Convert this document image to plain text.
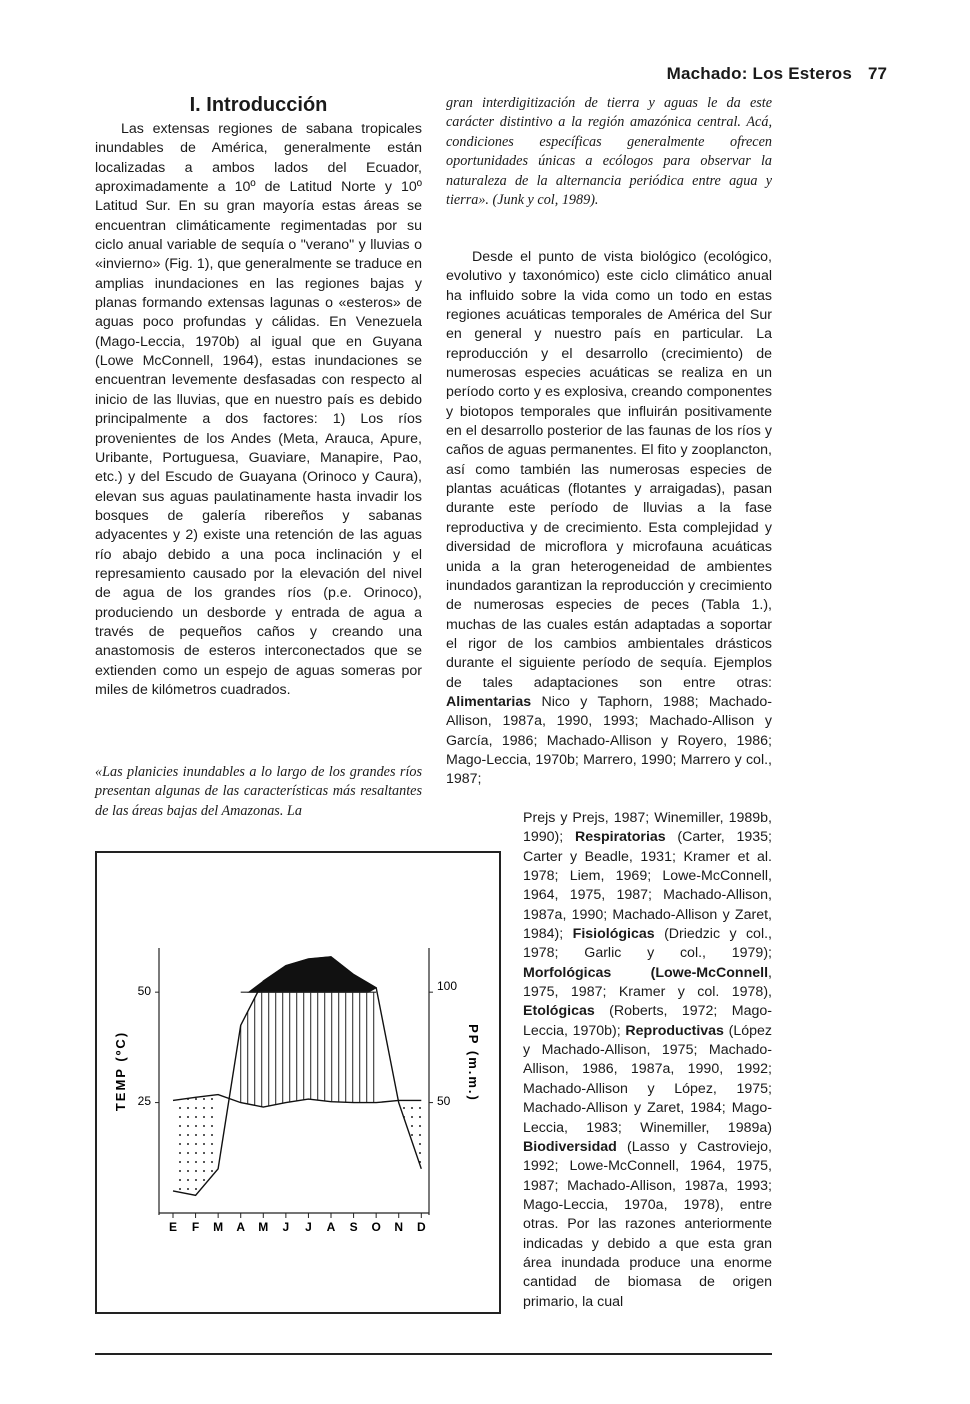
Machado: Los Esteros 77
I. Introducción

Las extensas regiones de sabana tropicales inundables de América, generalmente están localizadas a ambos lados del Ecuador, aproximadamente a 10º de Latitud Norte y 10º Latitud Sur. En su gran mayoría estas áreas se encuentran climáticamente regimentadas por su ciclo anual variable de sequía o "verano" y lluvias o «invierno» (Fig. 1), que generalmente se traduce en amplias inundaciones en las regiones bajas y planas formando extensas lagunas o «esteros» de aguas poco profundas y cálidas. En Venezuela (Mago-Leccia, 1970b) al igual que en Guyana (Lowe McConnell, 1964), estas inundaciones se encuentran levemente desfasadas con respecto al inicio de las lluvias, que en nuestro país es debido principalmente a dos factores: 1) Los ríos provenientes de los Andes (Meta, Arauca, Apure, Uribante, Portuguesa, Guaviare, Manapire, Pao, etc.) y del Escudo de Guayana (Orinoco y Caura), elevan sus aguas paulatinamente hasta invadir los bosques de galería ribereños y sabanas adyacentes y 2) existe una retención de las aguas río abajo debido a una poca inclinación y el represamiento causado por la elevación del nivel de agua de los grandes ríos (p.e. Orinoco), produciendo un desborde y entrada de agua a través de pequeños caños y creando una anastomosis de esteros interconectados que se extienden como un espejo de aguas someras por miles de kilómetros cuadrados.

«Las planicies inundables a lo largo de los grandes ríos presentan algunas de las características más resaltantes de las áreas bajas del Amazonas. La
gran interdigitización de tierra y aguas le da este carácter distintivo a la región amazónica central. Acá, condiciones específicas generalmente ofrecen oportunidades únicas a ecólogos para observar la naturaleza de la alternancia periódica entre agua y tierra». (Junk y col, 1989).

Desde el punto de vista biológico (ecológico, evolutivo y taxonómico) este ciclo climático anual ha influido sobre la vida como un todo en estas regiones acuáticas temporales de América del Sur en general y nuestro país en particular. La reproducción y el desarrollo (crecimiento) de numerosas especies acuáticas se realiza en un período corto y es explosiva, creando componentes y biotopos temporales que influirán positivamente en el desarrollo posterior de las faunas de los ríos y caños de aguas permanentes. El fito y zooplancton, así como también las numerosas especies de plantas acuáticas (flotantes y arraigadas), pasan durante este período de lluvias a la fase reproductiva y de crecimiento. Esta complejidad y diversidad de microflora y microfauna acuáticas unida a la gran heterogeneidad de ambientes inundados garantizan la reproducción y crecimiento de numerosas especies de peces (Tabla 1.), muchas de las cuales están adaptadas a soportar el rigor de los cambios ambientales drásticos durante el siguiente período de sequía. Ejemplos de tales adaptaciones son entre otras: Alimentarias Nico y Taphorn, 1988; Machado-Allison, 1987a, 1990, 1993; Machado-Allison y García, 1986; Machado-Allison y Royero, 1986; Mago-Leccia, 1970b; Marrero, 1990; Marrero y col., 1987;

Prejs y Prejs, 1987; Winemiller, 1989b, 1990); Respiratorias (Carter, 1935; Carter y Beadle, 1931; Kramer et al. 1978; Liem, 1969; Lowe-McConnell, 1964, 1975, 1987; Machado-Allison, 1987a, 1990; Machado-Allison y Zaret, 1984); Fisiológicas (Driedzic y col., 1978; Garlic y col., 1979); Morfológicas (Lowe-McConnell, 1975, 1987; Kramer y col. 1978), Etológicas (Roberts, 1972; Mago-Leccia, 1970b); Reproductivas (López y Machado-Allison, 1975; Machado-Allison, 1986, 1987a, 1990, 1992; Machado-Allison y López, 1975; Machado-Allison y Zaret, 1984; Mago-Leccia, 1983; Winemiller, 1989a) Biodiversidad (Lasso y Castroviejo, 1992; Lowe-McConnell, 1964, 1975, 1987; Machado-Allison, 1987a, 1993; Mago-Leccia, 1970a, 1978), entre otras. Por las razones anteriormente indicadas y debido a que esta gran área inundada produce una enorme cantidad de biomasa de origen primario, la cual

TEMP (ºC)	PP (m.m.)
50
25
100
50
E F M A M J J A S O N D
